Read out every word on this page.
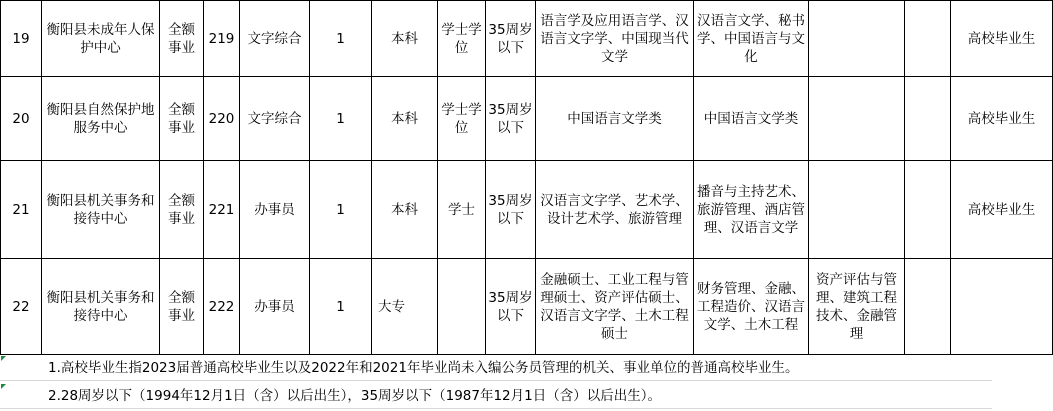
19	衡阳县未成年人保护中心	全额事业	219	文字综合	1	本科	学士学位	35周岁以下	语言学及应用语言学、汉语言文字学、中国现当代文学	汉语言文学、秘书学、中国语言与文化			高校毕业生
20	衡阳县自然保护地服务中心	全额事业	220	文字综合	1	本科	学士学位	35周岁以下	中国语言文学类	中国语言文学类			高校毕业生
21	衡阳县机关事务和接待中心	全额事业	221	办事员	1	本科	学士	35周岁以下	汉语言文字学、艺术学、设计艺术学、旅游管理	播音与主持艺术、旅游管理、酒店管理、汉语言文学			高校毕业生
22	衡阳县机关事务和接待中心	全额事业	222	办事员	1	大专		35周岁以下	金融硕士、工业工程与管理硕士、资产评估硕士、汉语言文字学、土木工程硕士	财务管理、金融、工程造价、汉语言文学、土木工程	资产评估与管理、建筑工程技术、金融管理		
1.高校毕业生指2023届普通高校毕业生以及2022年和2021年毕业尚未入编公务员管理的机关、事业单位的普通高校毕业生。
2.28周岁以下（1994年12月1日（含）以后出生），35周岁以下（1987年12月1日（含）以后出生）。
